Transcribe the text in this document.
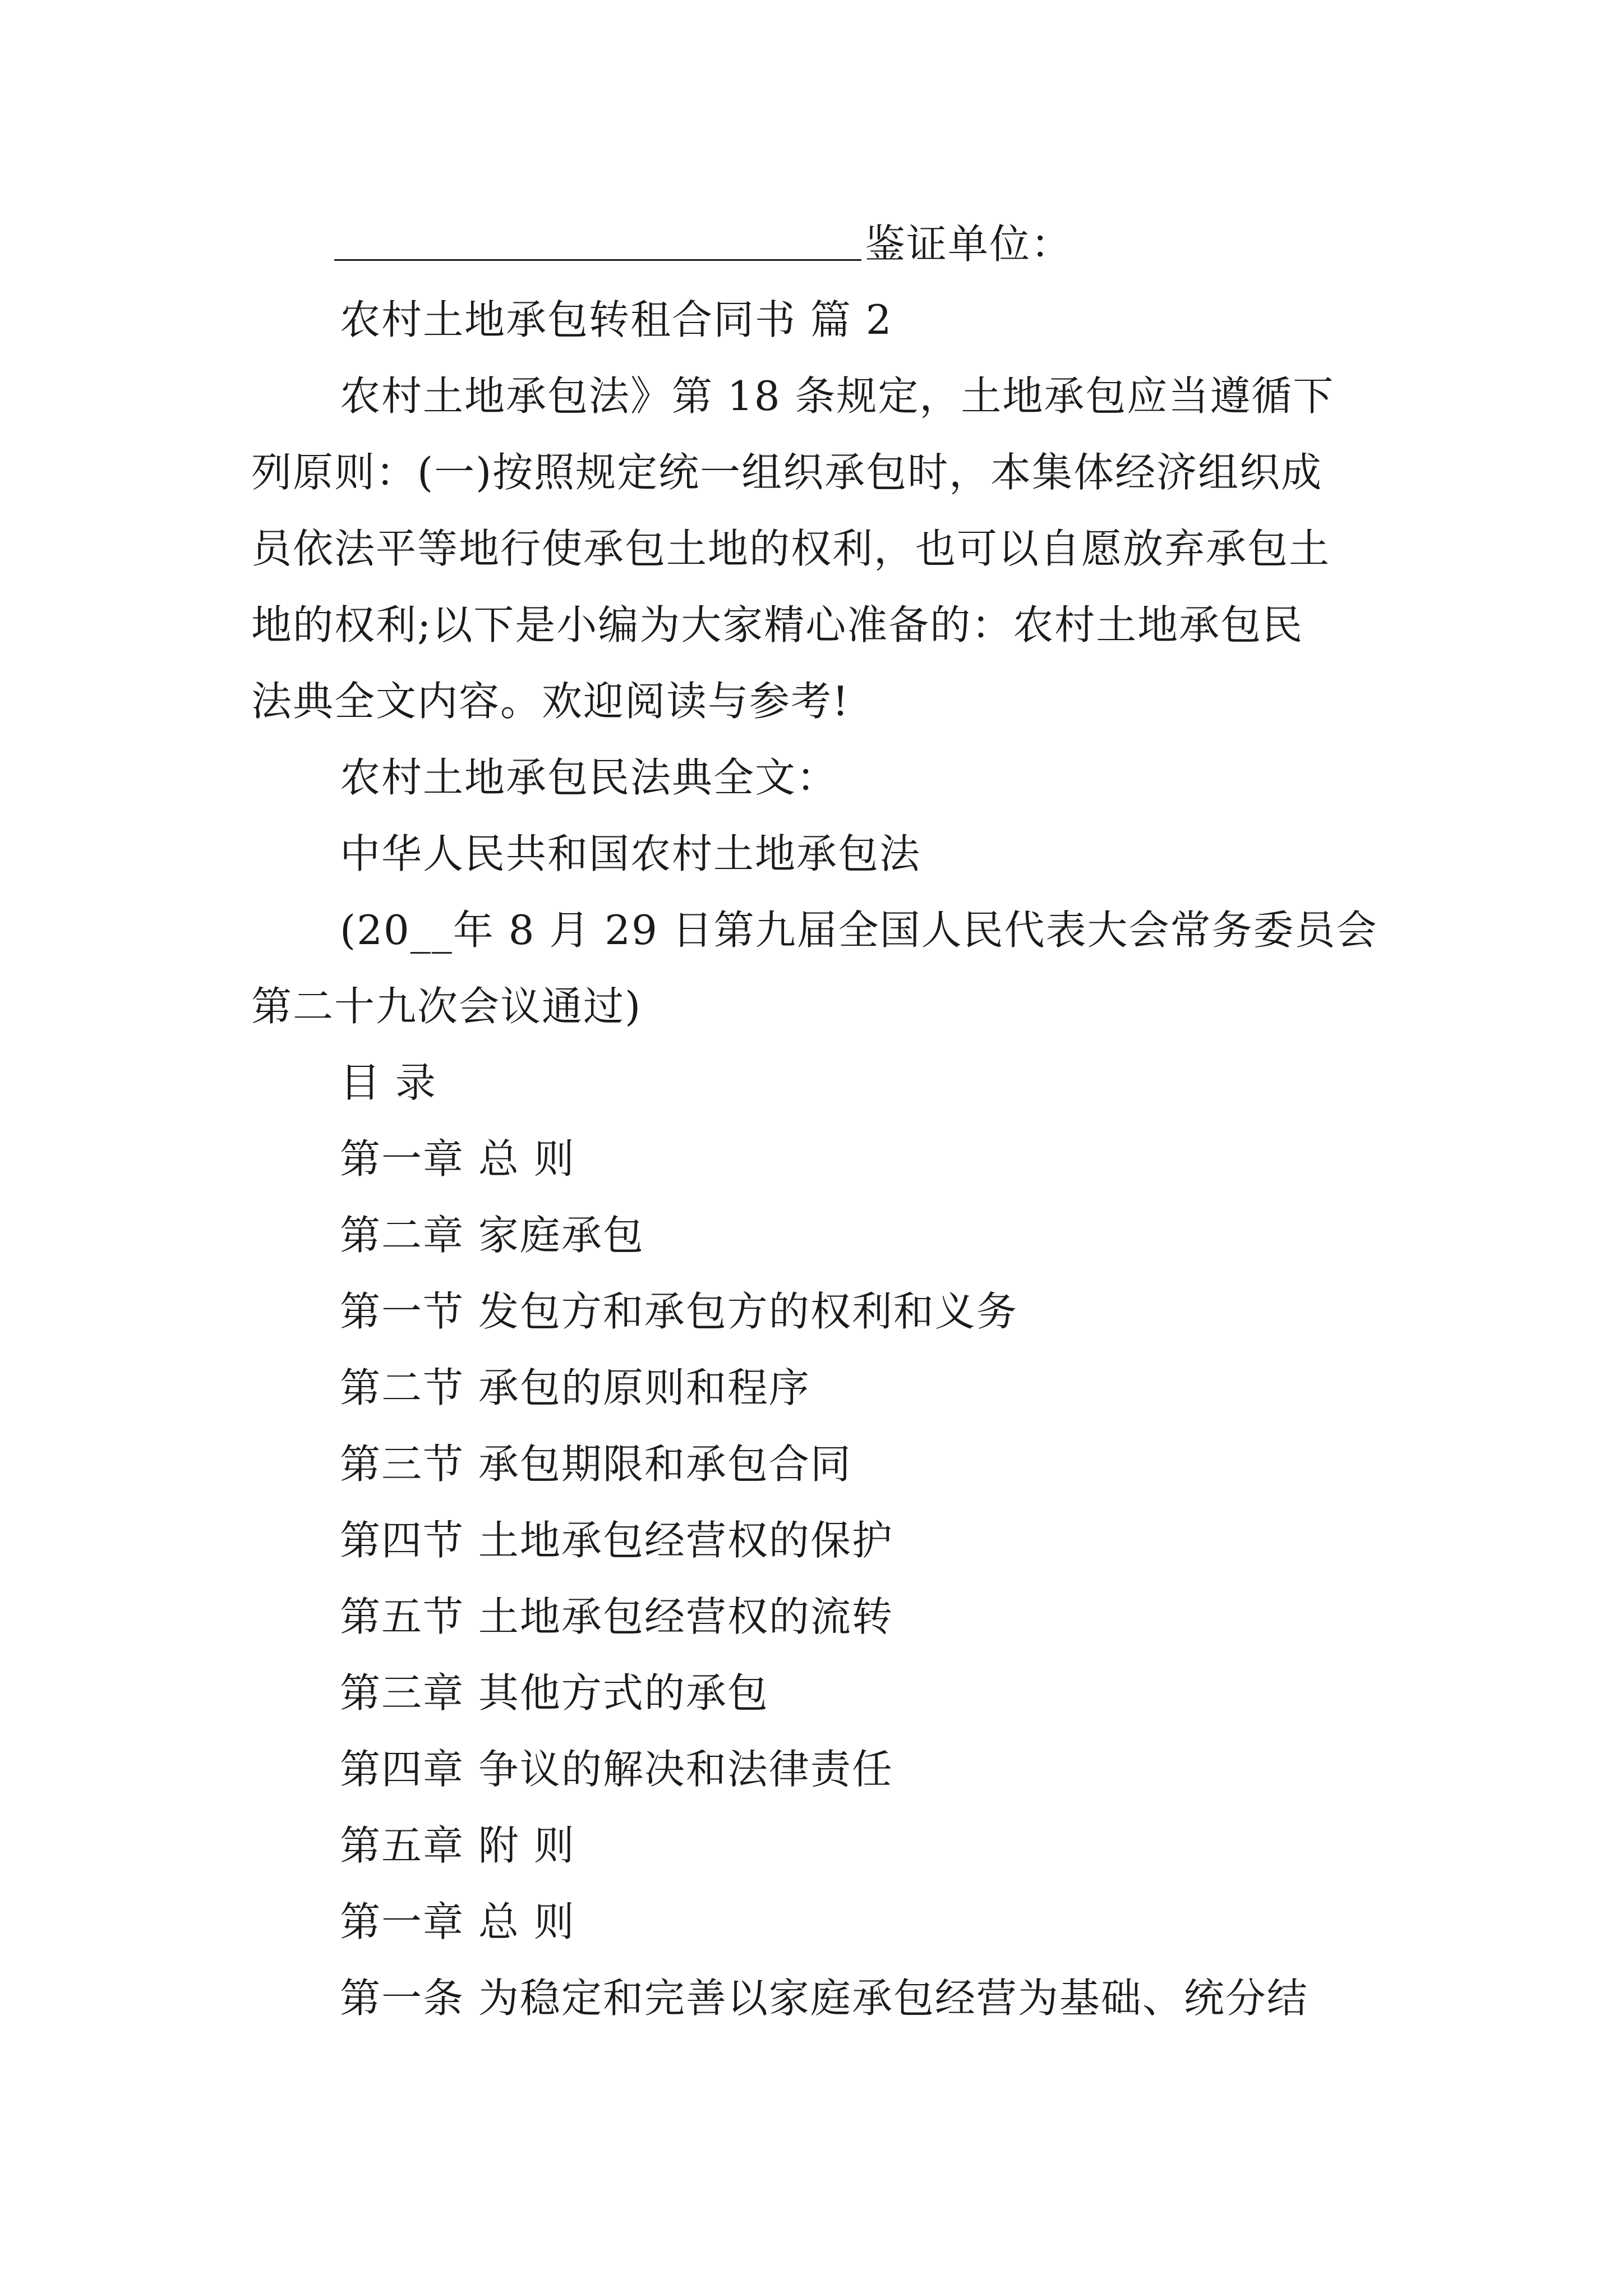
鉴证单位：
农村土地承包转租合同书 篇 2
农村土地承包法》第 18 条规定，土地承包应当遵循下
列原则：(一)按照规定统一组织承包时，本集体经济组织成
员依法平等地行使承包土地的权利，也可以自愿放弃承包土
地的权利;以下是小编为大家精心准备的：农村土地承包民
法典全文内容。欢迎阅读与参考!
农村土地承包民法典全文：
中华人民共和国农村土地承包法
(20__年 8 月 29 日第九届全国人民代表大会常务委员会
第二十九次会议通过)
目 录
第一章 总 则
第二章 家庭承包
第一节 发包方和承包方的权利和义务
第二节 承包的原则和程序
第三节 承包期限和承包合同
第四节 土地承包经营权的保护
第五节 土地承包经营权的流转
第三章 其他方式的承包
第四章 争议的解决和法律责任
第五章 附 则
第一章 总 则
第一条 为稳定和完善以家庭承包经营为基础、统分结
